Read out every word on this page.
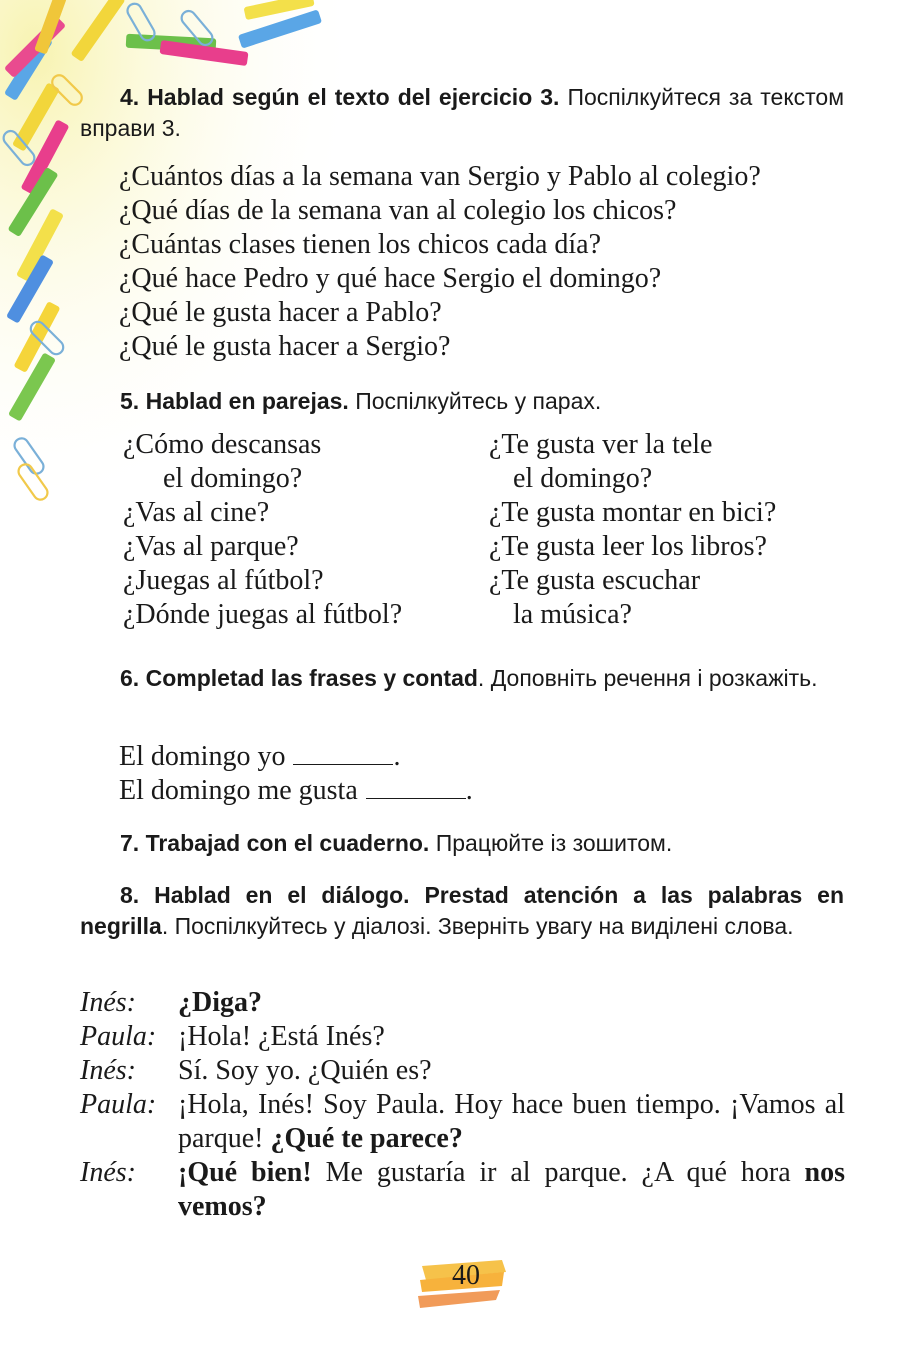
4. Hablad según el texto del ejercicio 3. Поспілкуйтеся за текстом вправи 3.

¿Cuántos días a la semana van Sergio y Pablo al colegio?
¿Qué días de la semana van al colegio los chicos?
¿Cuántas clases tienen los chicos cada día?
¿Qué hace Pedro y qué hace Sergio el domingo?
¿Qué le gusta hacer a Pablo?
¿Qué le gusta hacer a Sergio?

5. Hablad en parejas. Поспілкуйтесь у парах.

¿Cómo descansas
el domingo?
¿Vas al cine?
¿Vas al parque?
¿Juegas al fútbol?
¿Dónde juegas al fútbol?
¿Te gusta ver la tele
el domingo?
¿Te gusta montar en bici?
¿Te gusta leer los libros?
¿Te gusta escuchar
la música?

6. Completad las frases y contad. Доповніть речення і розкажіть.

El domingo yo	.
El domingo me gusta	.

7. Trabajad con el cuaderno. Працюйте із зошитом.

8. Hablad en el diálogo. Prestad atención a las palabras en negrilla. Поспілкуйтесь у діалозі. Зверніть увагу на виділені слова.

Inés:	¿Diga?
Paula: ¡Hola! ¿Está Inés?
Inés:	Sí. Soy yo. ¿Quién es?
Paula: ¡Hola, Inés! Soy Paula. Hoy hace buen tiempo. ¡Vamos al parque! ¿Qué te parece?
Inés:	¡Qué bien! Me gustaría ir al parque. ¿A qué hora nos vemos?
40
